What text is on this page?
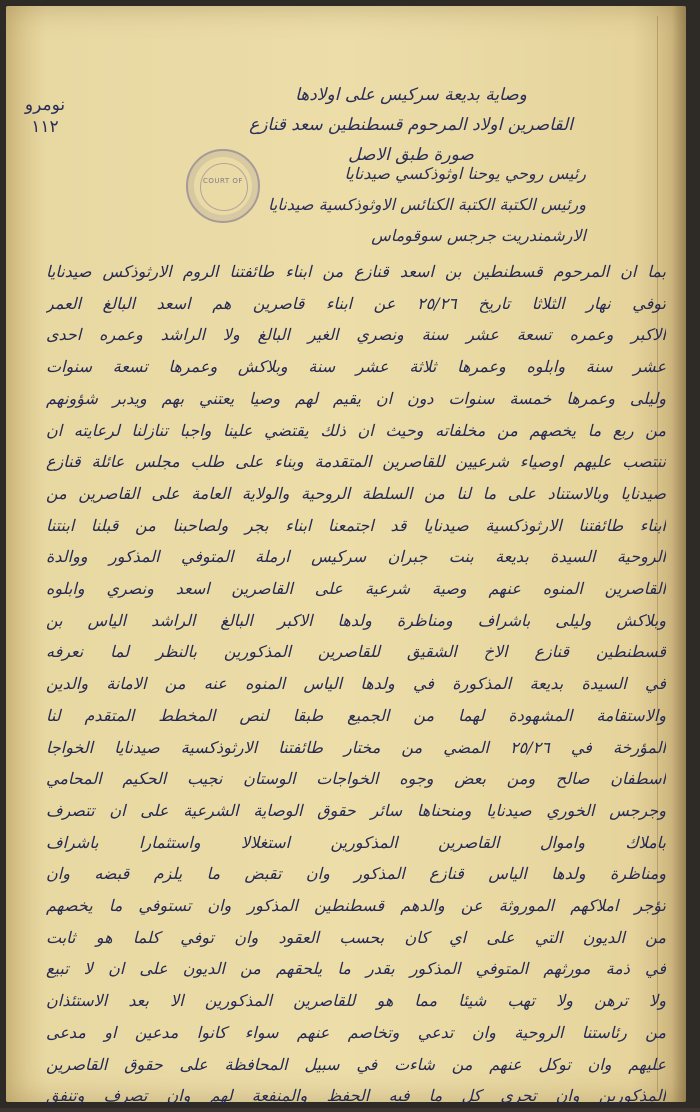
نومرو
١١٢
وصاية بديعة سركيس على اولادها
القاصرين اولاد المرحوم قسطنطين سعد قنازع
صورة طبق الاصل
COURT OF	رئيس روحي يوحنا اوثوذكسي صيدنايا
ورئيس الكتبة الكتبة الكنائس الاوثوذكسية صيدنايا
الارشمندريت جرجس سوقوماس
بما ان المرحوم قسطنطين بن اسعد قنازع من ابناء طائفتنا الروم الارثوذكس صيدنايا
توفي نهار الثلاثا تاريخ ٢٥/٢٦ عن ابناء قاصرين هم اسعد البالغ العمر
الاكبر وعمره تسعة عشر سنة ونصري الغير البالغ ولا الراشد وعمره احدى
عشر سنة وابلوه وعمرها ثلاثة عشر سنة وبلاكش وعمرها تسعة سنوات
وليلى وعمرها خمسة سنوات دون ان يقيم لهم وصيا يعتني بهم ويدبر شؤونهم
من ربع ما يخصهم من مخلفاته وحيث ان ذلك يقتضي علينا واجبا تنازلنا لرعايته ان
ننتصب عليهم اوصياء شرعيين للقاصرين المتقدمة وبناء على طلب مجلس عائلة قنازع
صيدنايا وبالاستناد على ما لنا من السلطة الروحية والولاية العامة على القاصرين من
ابناء طائفتنا الارثوذكسية صيدنايا قد اجتمعنا ابناء بجر ولصاحبنا من قبلنا ابنتنا
الروحية السيدة بديعة بنت جبران سركيس ارملة المتوفي المذكور ووالدة
القاصرين المنوه عنهم وصية شرعية على القاصرين اسعد ونصري وابلوه
وبلاكش وليلى باشراف ومناظرة ولدها الاكبر البالغ الراشد الياس بن
قسطنطين قنازع الاخ الشقيق للقاصرين المذكورين بالنظر لما نعرفه
في السيدة بديعة المذكورة في ولدها الياس المنوه عنه من الامانة والدين
والاستقامة المشهودة لهما من الجميع طبقا لنص المخطط المتقدم لنا
المؤرخة في ٢٥/٢٦ المضي من مختار طائفتنا الارثوذكسية صيدنايا الخواجا
اسطفان صالح ومن بعض وجوه الخواجات الوستان نجيب الحكيم المحامي
وجرجس الخوري صيدنايا ومنحناها سائر حقوق الوصاية الشرعية على ان تتصرف
باملاك واموال القاصرين المذكورين استغلالا واستثمارا باشراف
ومناظرة ولدها الياس قنازع المذكور وان تقبض ما يلزم قبضه وان
تؤجر املاكهم الموروثة عن والدهم قسطنطين المذكور وان تستوفي ما يخصهم
من الديون التي على اي كان بحسب العقود وان توفي كلما هو ثابت
في ذمة مورثهم المتوفي المذكور بقدر ما يلحقهم من الديون على ان لا تبيع
ولا ترهن ولا تهب شيئا مما هو للقاصرين المذكورين الا بعد الاستئذان
من رئاستنا الروحية وان تدعي وتخاصم عنهم سواء كانوا مدعين او مدعى
عليهم وان توكل عنهم من شاءت في سبيل المحافظة على حقوق القاصرين
المذكورين وان تجري كل ما فيه الحفظ والمنفعة لهم وان تصرف وتنفق
